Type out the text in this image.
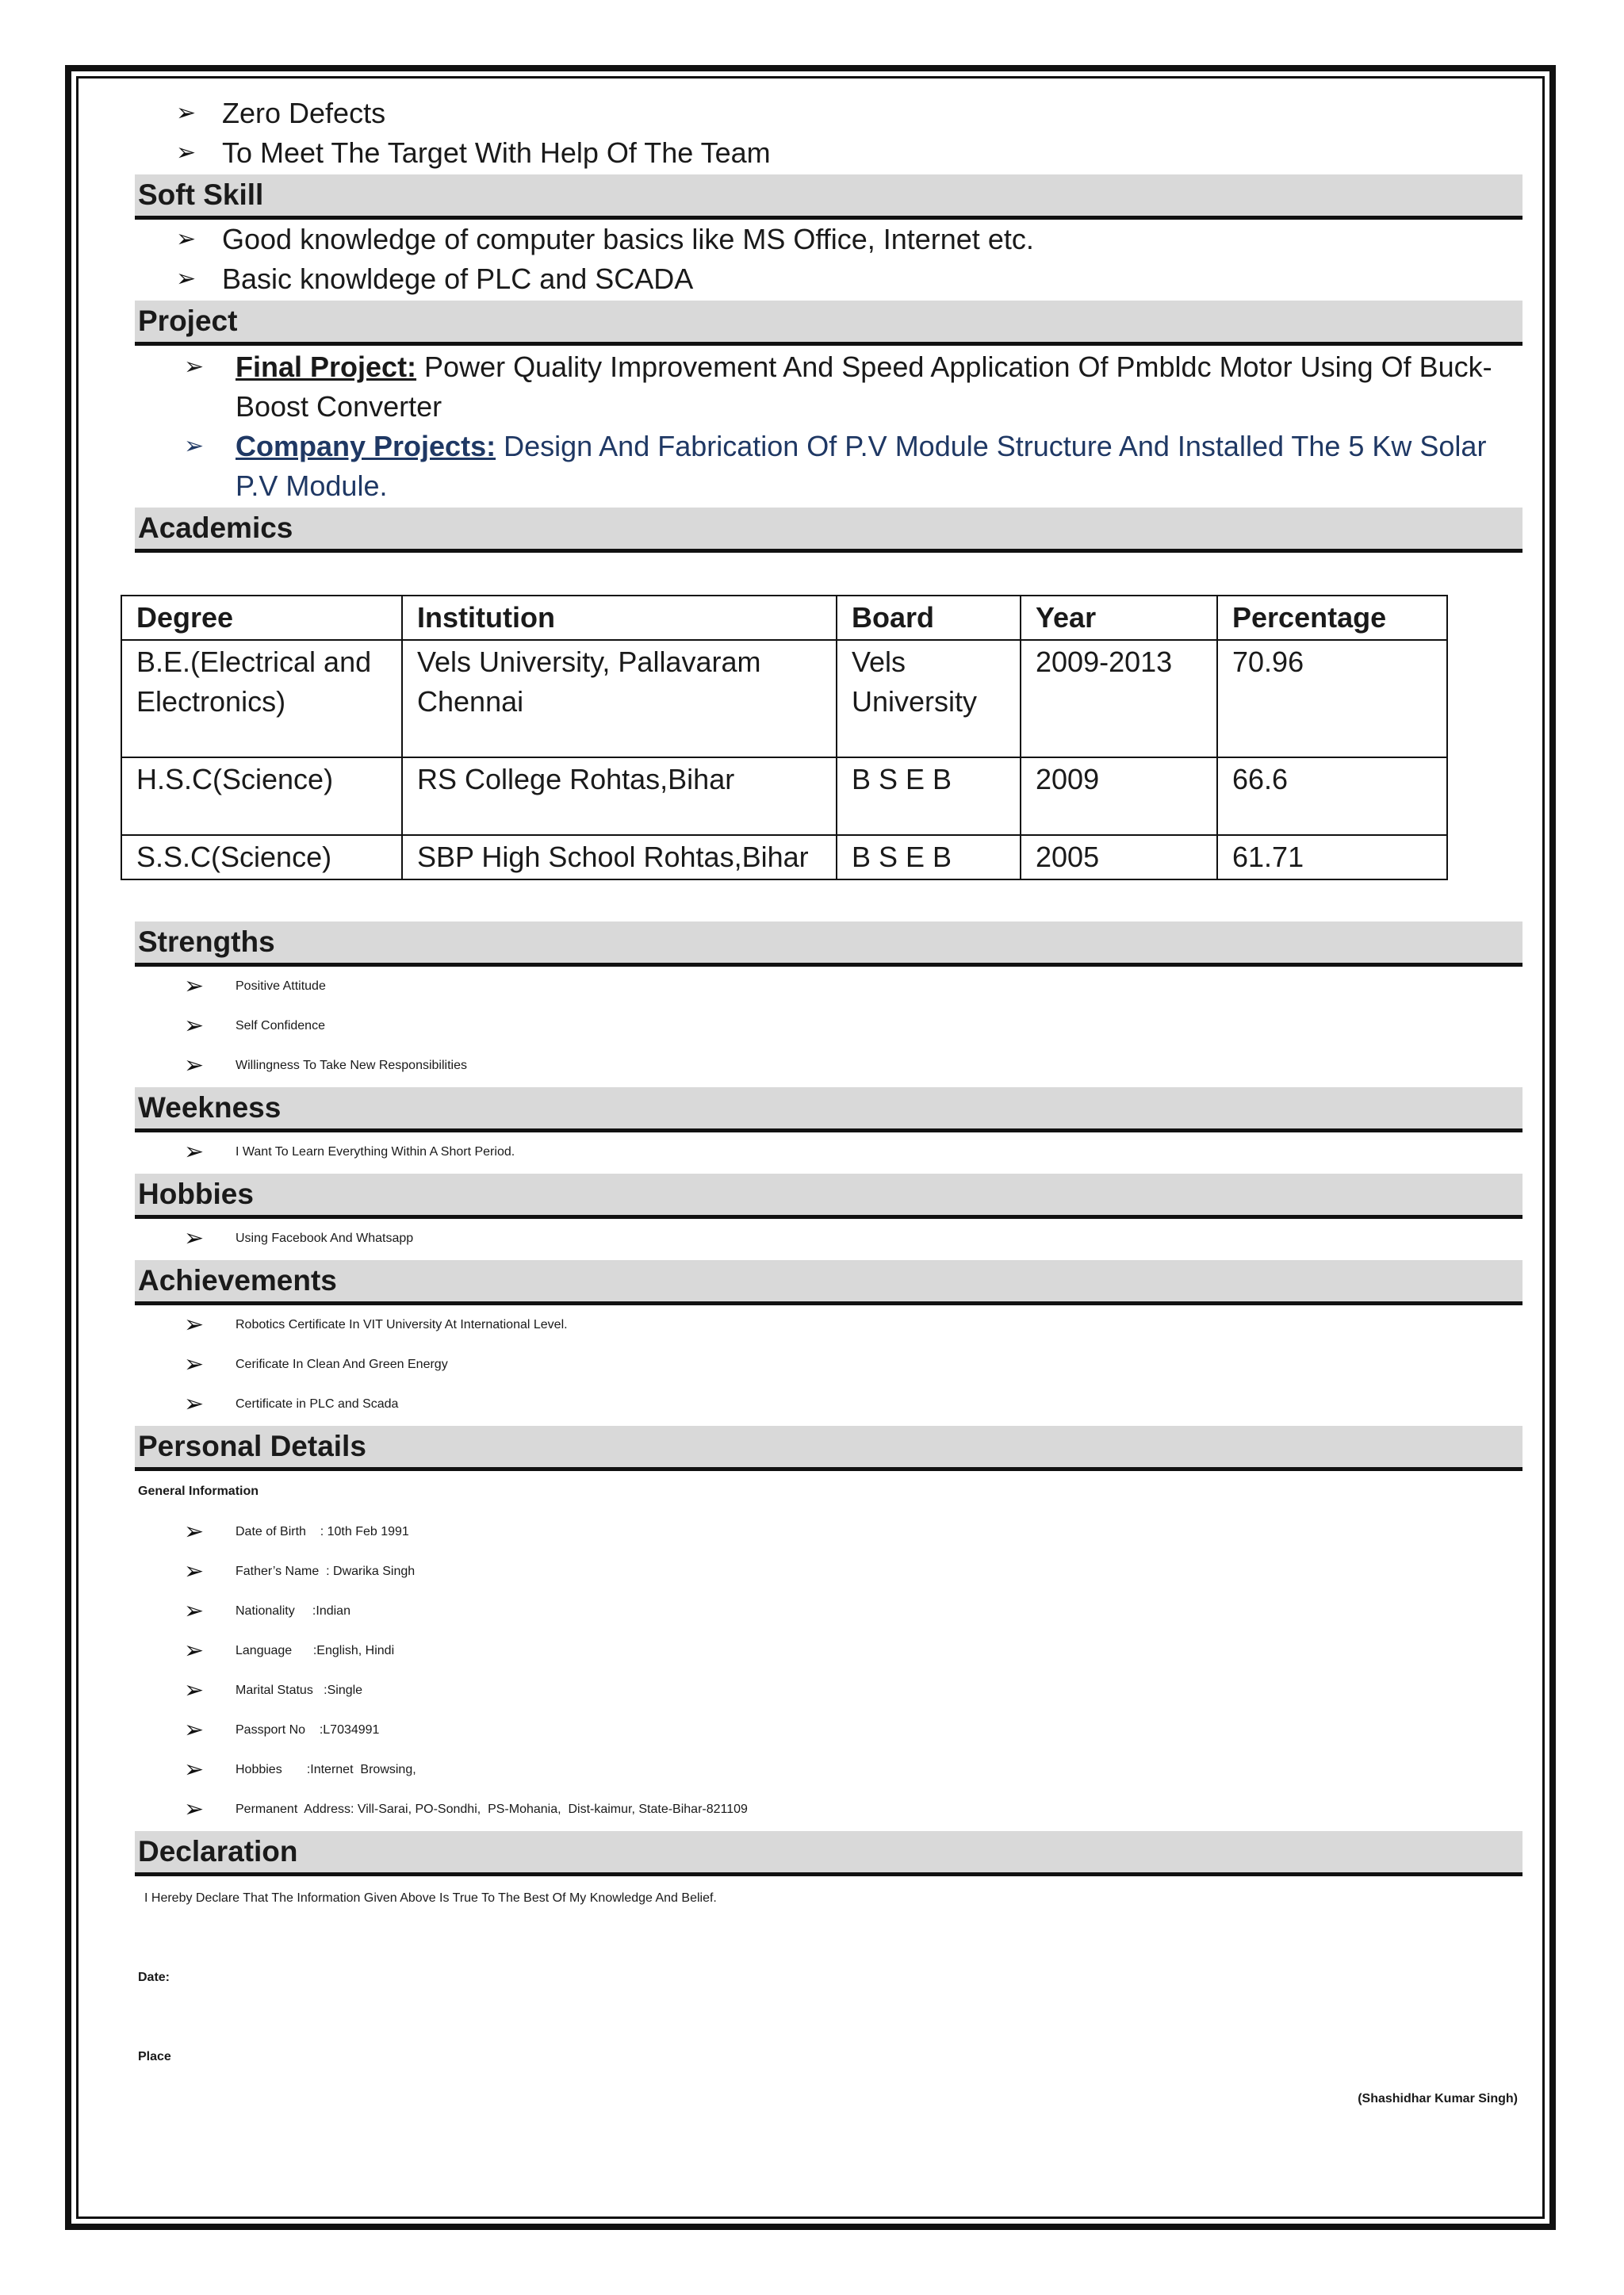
➢ Zero Defects
➢ To Meet The Target With Help Of The Team
Soft Skill
➢ Good knowledge of computer basics like MS Office, Internet etc.
➢ Basic knowldege of PLC and SCADA
Project
➢ Final Project: Power Quality Improvement And Speed Application Of Pmbldc Motor Using Of Buck- Boost Converter
➢ Company Projects: Design And Fabrication Of P.V Module Structure And Installed The 5 Kw Solar P.V Module.
Academics
Degree	Institution	Board	Year	Percentage
B.E.(Electrical and Electronics)	Vels University, Pallavaram Chennai	Vels University	2009-2013	70.96
H.S.C(Science)	RS College Rohtas,Bihar	B S E B	2009	66.6
S.S.C(Science)	SBP High School Rohtas,Bihar	B S E B	2005	61.71
Strengths
➢ Positive Attitude
➢ Self Confidence
➢ Willingness To Take New Responsibilities
Weekness
➢ I Want To Learn Everything Within A Short Period.
Hobbies
➢ Using Facebook And Whatsapp
Achievements
➢ Robotics Certificate In VIT University At International Level.
➢ Cerificate In Clean And Green Energy
➢ Certificate in PLC and Scada
Personal Details
General Information
➢ Date of Birth    : 10th Feb 1991
➢ Father’s Name  : Dwarika Singh
➢ Nationality     :Indian
➢ Language      :English, Hindi
➢ Marital Status   :Single
➢ Passport No    :L7034991
➢ Hobbies       :Internet  Browsing,
➢ Permanent  Address: Vill-Sarai, PO-Sondhi,  PS-Mohania,  Dist-kaimur, State-Bihar-821109
Declaration
I Hereby Declare That The Information Given Above Is True To The Best Of My Knowledge And Belief.
Date:
Place
(Shashidhar Kumar Singh)
